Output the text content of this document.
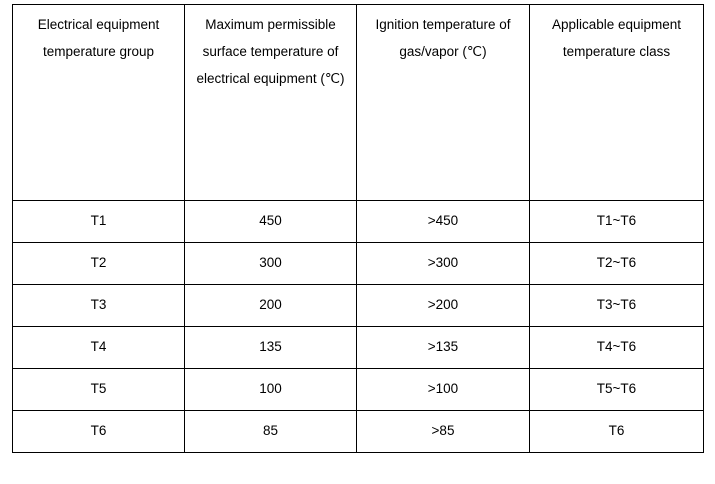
Electrical equipment temperature group	Maximum permissible surface temperature of electrical equipment (℃)	Ignition temperature of gas/vapor (℃)	Applicable equipment temperature class

T1	450	>450	T1~T6

T2	300	>300	T2~T6

T3	200	>200	T3~T6

T4	135	>135	T4~T6

T5	100	>100	T5~T6

T6	85	>85	T6
